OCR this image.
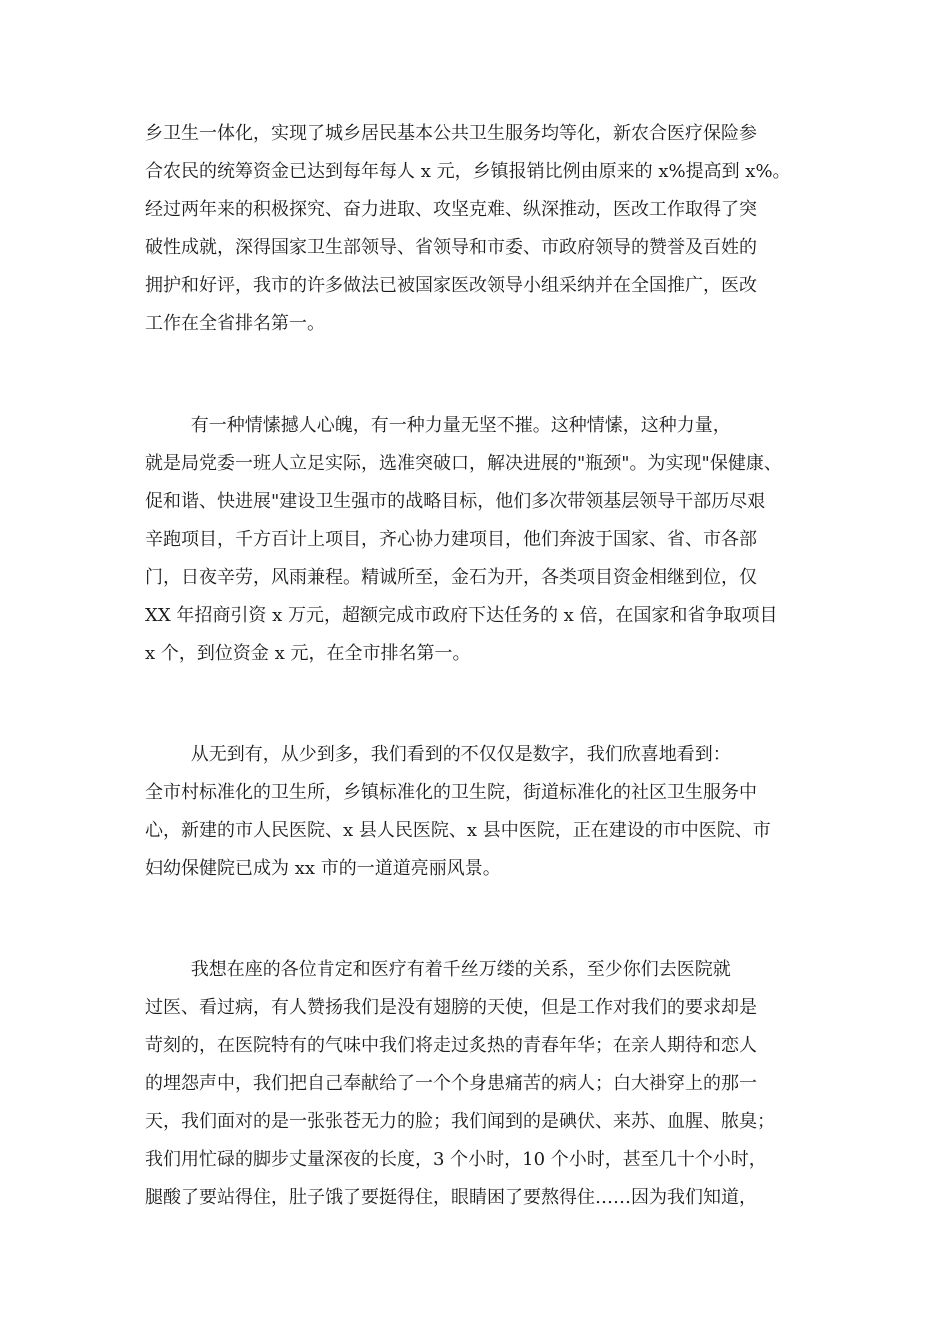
乡卫生一体化，实现了城乡居民基本公共卫生服务均等化，新农合医疗保险参
合农民的统筹资金已达到每年每人 x 元，乡镇报销比例由原来的 x%提高到 x%。
经过两年来的积极探究、奋力进取、攻坚克难、纵深推动，医改工作取得了突
破性成就，深得国家卫生部领导、省领导和市委、市政府领导的赞誉及百姓的
拥护和好评，我市的许多做法已被国家医改领导小组采纳并在全国推广，医改
工作在全省排名第一。
有一种情愫撼人心魄，有一种力量无坚不摧。这种情愫，这种力量，
就是局党委一班人立足实际，选准突破口，解决进展的"瓶颈"。为实现"保健康、
促和谐、快进展"建设卫生强市的战略目标，他们多次带领基层领导干部历尽艰
辛跑项目，千方百计上项目，齐心协力建项目，他们奔波于国家、省、市各部
门，日夜辛劳，风雨兼程。精诚所至，金石为开，各类项目资金相继到位，仅
XX 年招商引资 x 万元，超额完成市政府下达任务的 x 倍，在国家和省争取项目
x 个，到位资金 x 元，在全市排名第一。
从无到有，从少到多，我们看到的不仅仅是数字，我们欣喜地看到：
全市村标准化的卫生所，乡镇标准化的卫生院，街道标准化的社区卫生服务中
心，新建的市人民医院、x 县人民医院、x 县中医院，正在建设的市中医院、市
妇幼保健院已成为 xx 市的一道道亮丽风景。
我想在座的各位肯定和医疗有着千丝万缕的关系，至少你们去医院就
过医、看过病，有人赞扬我们是没有翅膀的天使，但是工作对我们的要求却是
苛刻的，在医院特有的气味中我们将走过炙热的青春年华；在亲人期待和恋人
的埋怨声中，我们把自己奉献给了一个个身患痛苦的病人；白大褂穿上的那一
天，我们面对的是一张张苍无力的脸；我们闻到的是碘伏、来苏、血腥、脓臭；
我们用忙碌的脚步丈量深夜的长度，3 个小时，10 个小时，甚至几十个小时，
腿酸了要站得住，肚子饿了要挺得住，眼睛困了要熬得住……因为我们知道，
